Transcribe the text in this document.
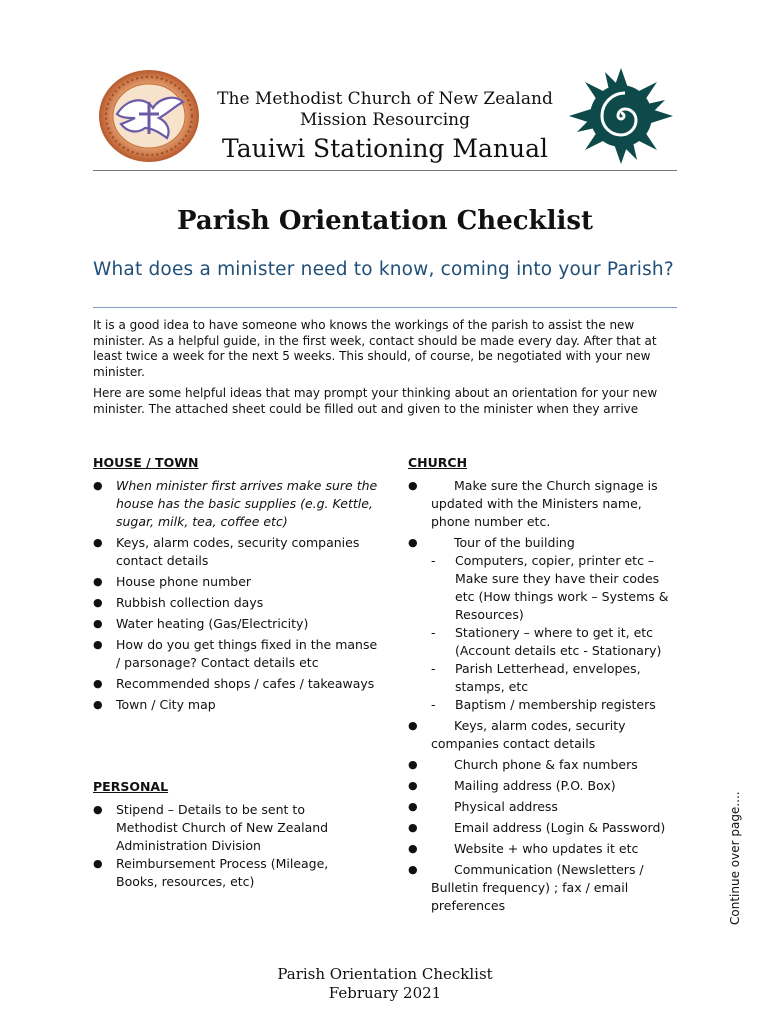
The Methodist Church of New Zealand
Mission Resourcing
Tauiwi Stationing Manual
Parish Orientation Checklist
What does a minister need to know, coming into your Parish?
It is a good idea to have someone who knows the workings of the parish to assist the new minister. As a helpful guide, in the first week, contact should be made every day. After that at least twice a week for the next 5 weeks. This should, of course, be negotiated with your new minister.
Here are some helpful ideas that may prompt your thinking about an orientation for your new minister. The attached sheet could be filled out and given to the minister when they arrive
HOUSE / TOWN
● When minister first arrives make sure the house has the basic supplies (e.g. Kettle, sugar, milk, tea, coffee etc)
● Keys, alarm codes, security companies contact details
● House phone number
● Rubbish collection days
● Water heating (Gas/Electricity)
● How do you get things fixed in the manse / parsonage? Contact details etc
● Recommended shops / cafes / takeaways
● Town / City map
PERSONAL
● Stipend – Details to be sent to Methodist Church of New Zealand Administration Division
● Reimbursement Process (Mileage, Books, resources, etc)
CHURCH
●	Make sure the Church signage is updated with the Ministers name, phone number etc.
●	Tour of the building
- Computers, copier, printer etc – Make sure they have their codes etc (How things work – Systems & Resources)
- Stationery – where to get it, etc (Account details etc - Stationary)
- Parish Letterhead, envelopes, stamps, etc
- Baptism / membership registers
●	Keys, alarm codes, security companies contact details
●	Church phone & fax numbers
●	Mailing address (P.O. Box)
●	Physical address
●	Email address (Login & Password)
●	Website + who updates it etc
●	Communication (Newsletters / Bulletin frequency) ; fax / email preferences	Continue over page....
Parish Orientation Checklist
February 2021
